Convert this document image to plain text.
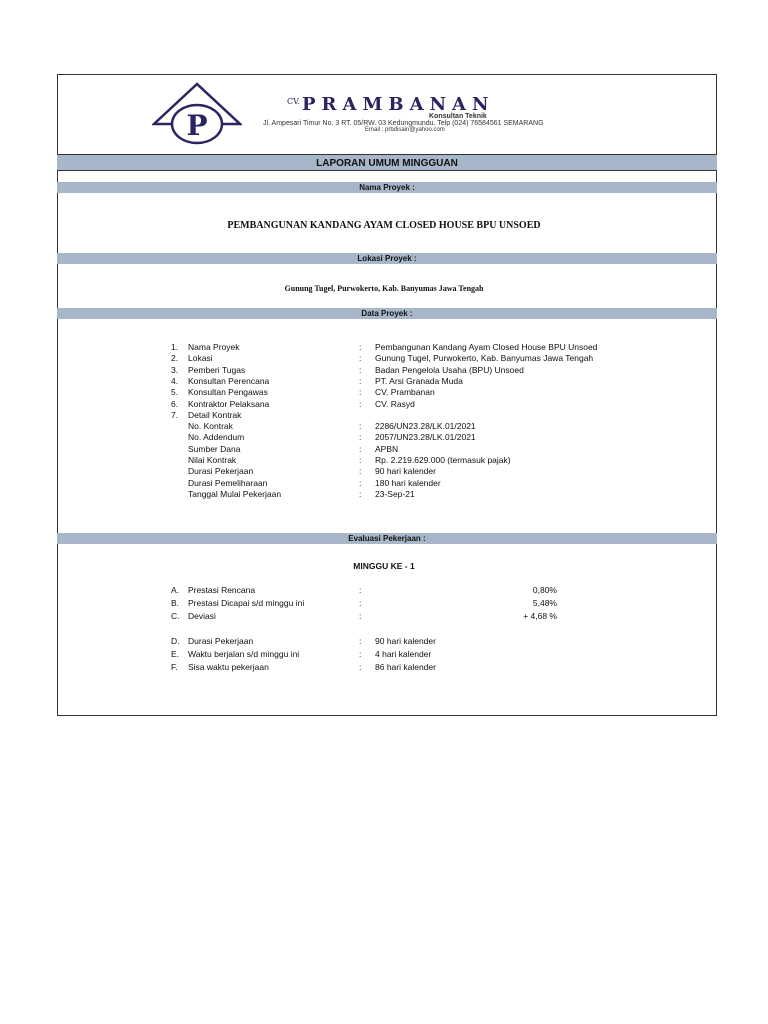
P
CV. PRAMBANAN
Konsultan Teknik
Jl. Ampesari Timur No. 3 RT. 05/RW. 03 Kedungmundu. Telp (024) 76584561 SEMARANG
Email : prbdisain@yahoo.com
LAPORAN UMUM MINGGUAN
Nama Proyek :
PEMBANGUNAN KANDANG AYAM CLOSED HOUSE BPU UNSOED
Lokasi Proyek :
Gunung Tugel, Purwokerto, Kab. Banyumas Jawa Tengah
Data Proyek :
1. Nama Proyek	: Pembangunan Kandang Ayam Closed House BPU Unsoed
2. Lokasi	: Gunung Tugel, Purwokerto, Kab. Banyumas Jawa Tengah
3. Pemberi Tugas	: Badan Pengelola Usaha (BPU) Unsoed
4. Konsultan Perencana	: PT. Arsi Granada Muda
5. Konsultan Pengawas	: CV. Prambanan
6. Kontraktor Pelaksana	: CV. Rasyd
7. Detail Kontrak
No. Kontrak	: 2286/UN23.28/LK.01/2021
No. Addendum	: 2057/UN23.28/LK.01/2021
Sumber Dana	: APBN
Nilai Kontrak	: Rp. 2.219.629.000 (termasuk pajak)
Durasi Pekerjaan	: 90 hari kalender
Durasi Pemeliharaan	: 180 hari kalender
Tanggal Mulai Pekerjaan	: 23-Sep-21
Evaluasi Pekerjaan :
MINGGU KE - 1
A. Prestasi Rencana	:	0,80%
B. Prestasi Dicapai s/d minggu ini	:	5,48%
C. Deviasi	:	+ 4,68 %
D. Durasi Pekerjaan	: 90 hari kalender
E. Waktu berjalan s/d minggu ini	: 4 hari kalender
F. Sisa waktu pekerjaan	: 86 hari kalender
